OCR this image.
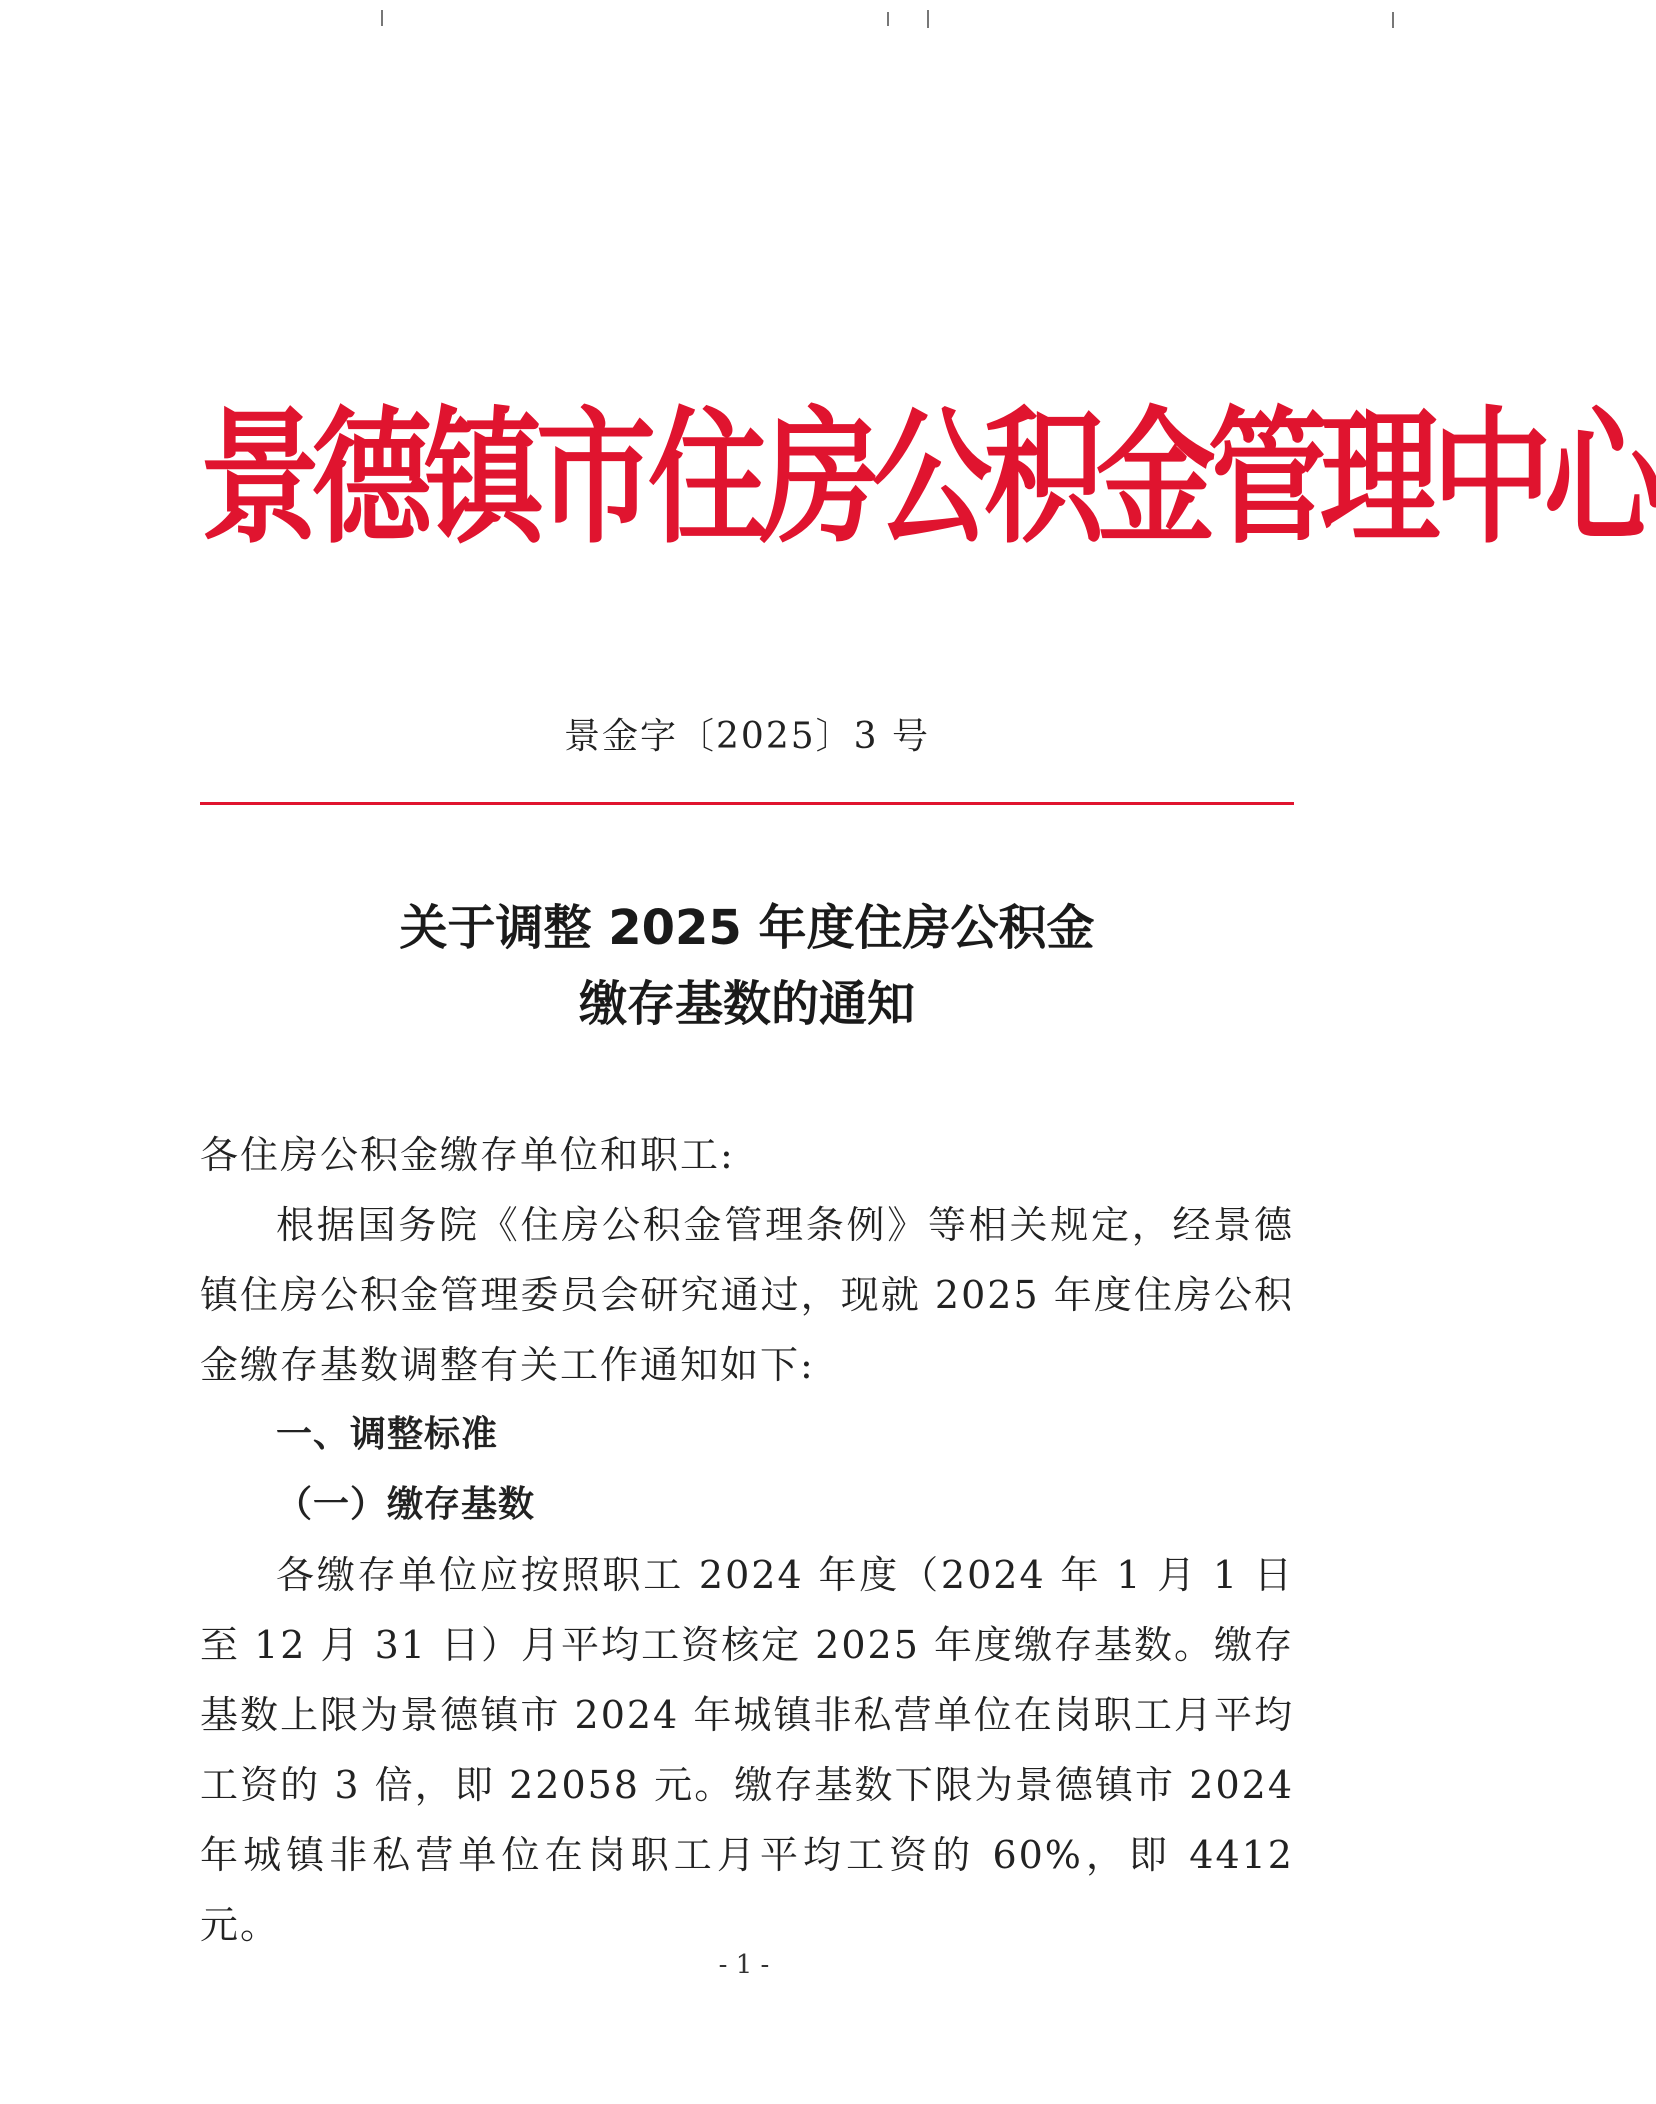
景德镇市住房公积金管理中心
景金字〔2025〕3 号
关于调整 2025 年度住房公积金
缴存基数的通知

各住房公积金缴存单位和职工:

根据国务院《住房公积金管理条例》等相关规定，经景德镇住房公积金管理委员会研究通过，现就 2025 年度住房公积金缴存基数调整有关工作通知如下:

一、调整标准

（一）缴存基数

各缴存单位应按照职工 2024 年度（2024 年 1 月 1 日至 12 月 31 日）月平均工资核定 2025 年度缴存基数。缴存基数上限为景德镇市 2024 年城镇非私营单位在岗职工月平均工资的 3 倍，即 22058 元。缴存基数下限为景德镇市 2024 年城镇非私营单位在岗职工月平均工资的 60%，即 4412 元。

- 1 -
